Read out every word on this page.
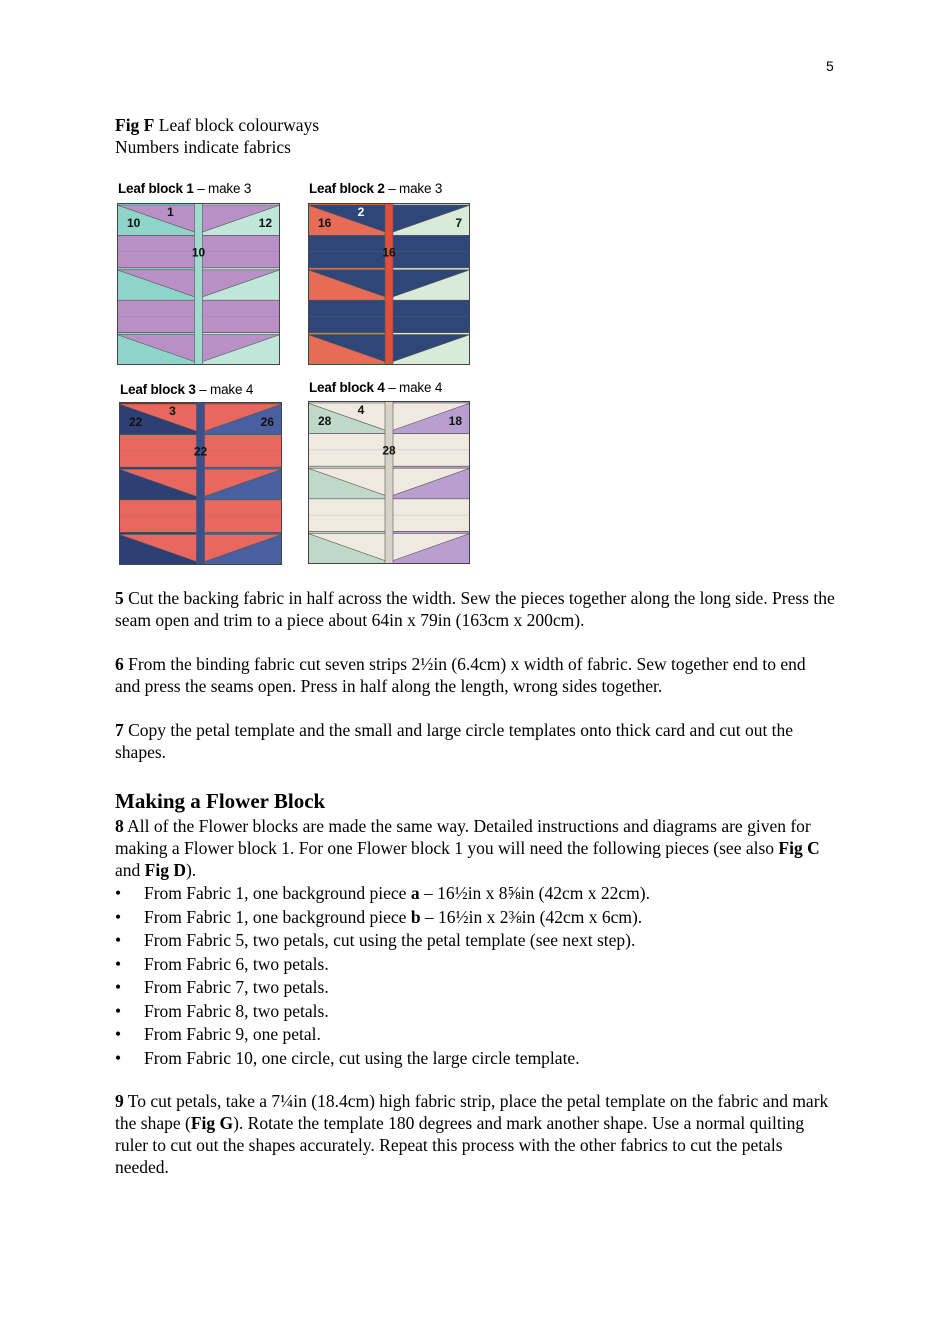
5
Fig F Leaf block colourways
Numbers indicate fabrics
Leaf block 1 – make 3
1
10	12
10
Leaf block 2 – make 3
2
16	7
16
Leaf block 3 – make 4
3
22	26
22
Leaf block 4 – make 4
4
28	18
28
5 Cut the backing fabric in half across the width. Sew the pieces together along the long side. Press the seam open and trim to a piece about 64in x 79in (163cm x 200cm).
6 From the binding fabric cut seven strips 2½in (6.4cm) x width of fabric. Sew together end to end and press the seams open. Press in half along the length, wrong sides together.
7 Copy the petal template and the small and large circle templates onto thick card and cut out the shapes.
Making a Flower Block
8 All of the Flower blocks are made the same way. Detailed instructions and diagrams are given for making a Flower block 1. For one Flower block 1 you will need the following pieces (see also Fig C and Fig D).
• From Fabric 1, one background piece a – 16½in x 8⅝in (42cm x 22cm).
• From Fabric 1, one background piece b – 16½in x 2⅜in (42cm x 6cm).
• From Fabric 5, two petals, cut using the petal template (see next step).
• From Fabric 6, two petals.
• From Fabric 7, two petals.
• From Fabric 8, two petals.
• From Fabric 9, one petal.
• From Fabric 10, one circle, cut using the large circle template.
9 To cut petals, take a 7¼in (18.4cm) high fabric strip, place the petal template on the fabric and mark the shape (Fig G). Rotate the template 180 degrees and mark another shape. Use a normal quilting ruler to cut out the shapes accurately. Repeat this process with the other fabrics to cut the petals needed.
